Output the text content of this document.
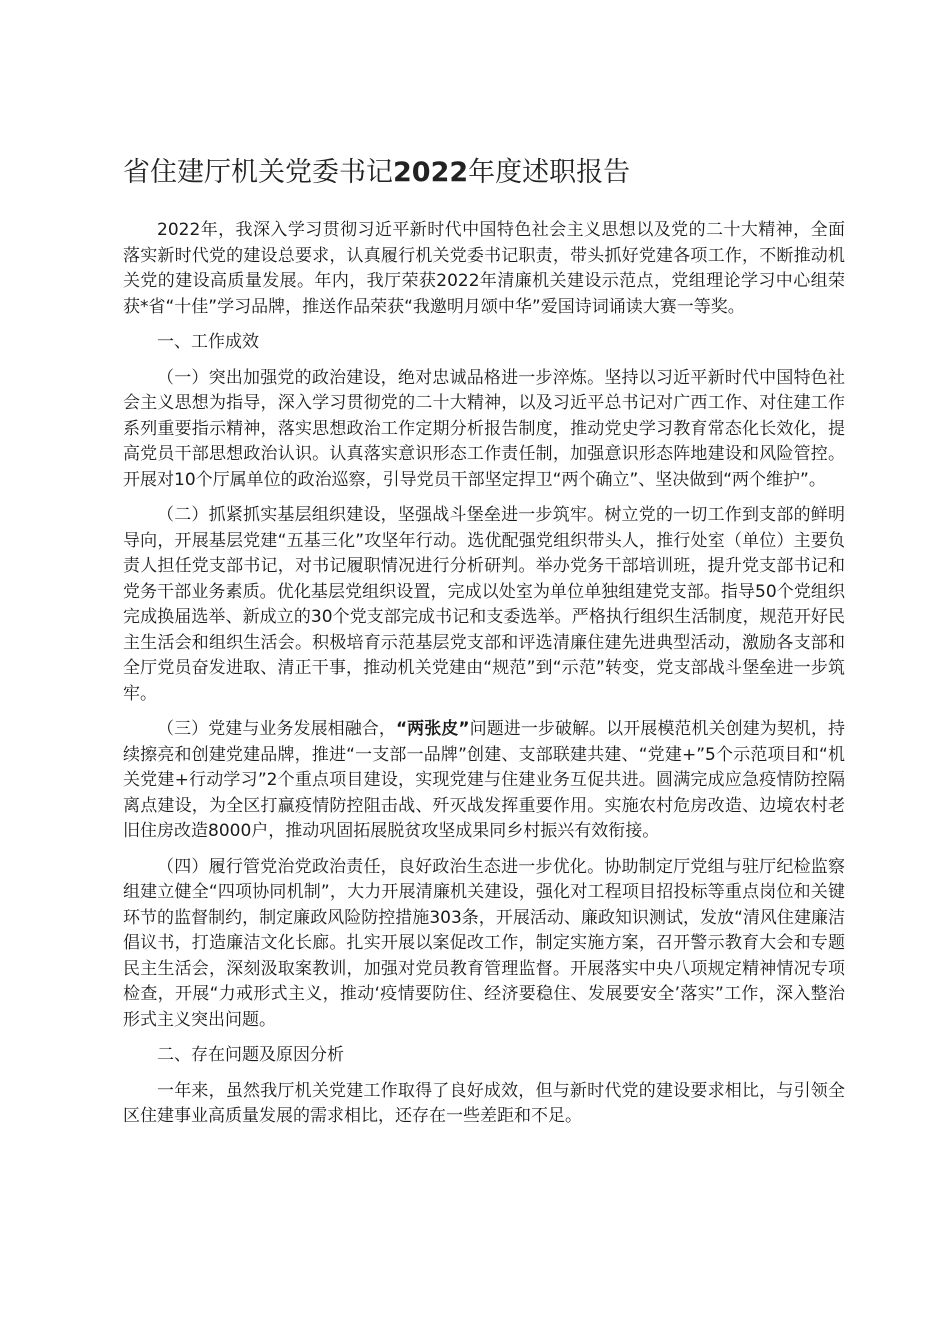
省住建厅机关党委书记2022年度述职报告

2022年，我深入学习贯彻习近平新时代中国特色社会主义思想以及党的二十大精神，全面落实新时代党的建设总要求，认真履行机关党委书记职责，带头抓好党建各项工作，不断推动机关党的建设高质量发展。年内，我厅荣获2022年清廉机关建设示范点，党组理论学习中心组荣获*省“十佳”学习品牌，推送作品荣获“我邀明月颂中华”爱国诗词诵读大赛一等奖。

一、工作成效

（一）突出加强党的政治建设，绝对忠诚品格进一步淬炼。坚持以习近平新时代中国特色社会主义思想为指导，深入学习贯彻党的二十大精神，以及习近平总书记对广西工作、对住建工作系列重要指示精神，落实思想政治工作定期分析报告制度，推动党史学习教育常态化长效化，提高党员干部思想政治认识。认真落实意识形态工作责任制，加强意识形态阵地建设和风险管控。开展对10个厅属单位的政治巡察，引导党员干部坚定捍卫“两个确立”、坚决做到“两个维护”。

（二）抓紧抓实基层组织建设，坚强战斗堡垒进一步筑牢。树立党的一切工作到支部的鲜明导向，开展基层党建“五基三化”攻坚年行动。选优配强党组织带头人，推行处室（单位）主要负责人担任党支部书记，对书记履职情况进行分析研判。举办党务干部培训班，提升党支部书记和党务干部业务素质。优化基层党组织设置，完成以处室为单位单独组建党支部。指导50个党组织完成换届选举、新成立的30个党支部完成书记和支委选举。严格执行组织生活制度，规范开好民主生活会和组织生活会。积极培育示范基层党支部和评选清廉住建先进典型活动，激励各支部和全厅党员奋发进取、清正干事，推动机关党建由“规范”到“示范”转变，党支部战斗堡垒进一步筑牢。

（三）党建与业务发展相融合，“两张皮”问题进一步破解。以开展模范机关创建为契机，持续擦亮和创建党建品牌，推进“一支部一品牌”创建、支部联建共建、“党建+”5个示范项目和“机关党建+行动学习”2个重点项目建设，实现党建与住建业务互促共进。圆满完成应急疫情防控隔离点建设，为全区打赢疫情防控阻击战、歼灭战发挥重要作用。实施农村危房改造、边境农村老旧住房改造8000户，推动巩固拓展脱贫攻坚成果同乡村振兴有效衔接。

（四）履行管党治党政治责任，良好政治生态进一步优化。协助制定厅党组与驻厅纪检监察组建立健全“四项协同机制”，大力开展清廉机关建设，强化对工程项目招投标等重点岗位和关键环节的监督制约，制定廉政风险防控措施303条，开展活动、廉政知识测试，发放“清风住建廉洁倡议书，打造廉洁文化长廊。扎实开展以案促改工作，制定实施方案，召开警示教育大会和专题民主生活会，深刻汲取案教训，加强对党员教育管理监督。开展落实中央八项规定精神情况专项检查，开展“力戒形式主义，推动‘疫情要防住、经济要稳住、发展要安全’落实”工作，深入整治形式主义突出问题。

二、存在问题及原因分析

一年来，虽然我厅机关党建工作取得了良好成效，但与新时代党的建设要求相比，与引领全区住建事业高质量发展的需求相比，还存在一些差距和不足。
